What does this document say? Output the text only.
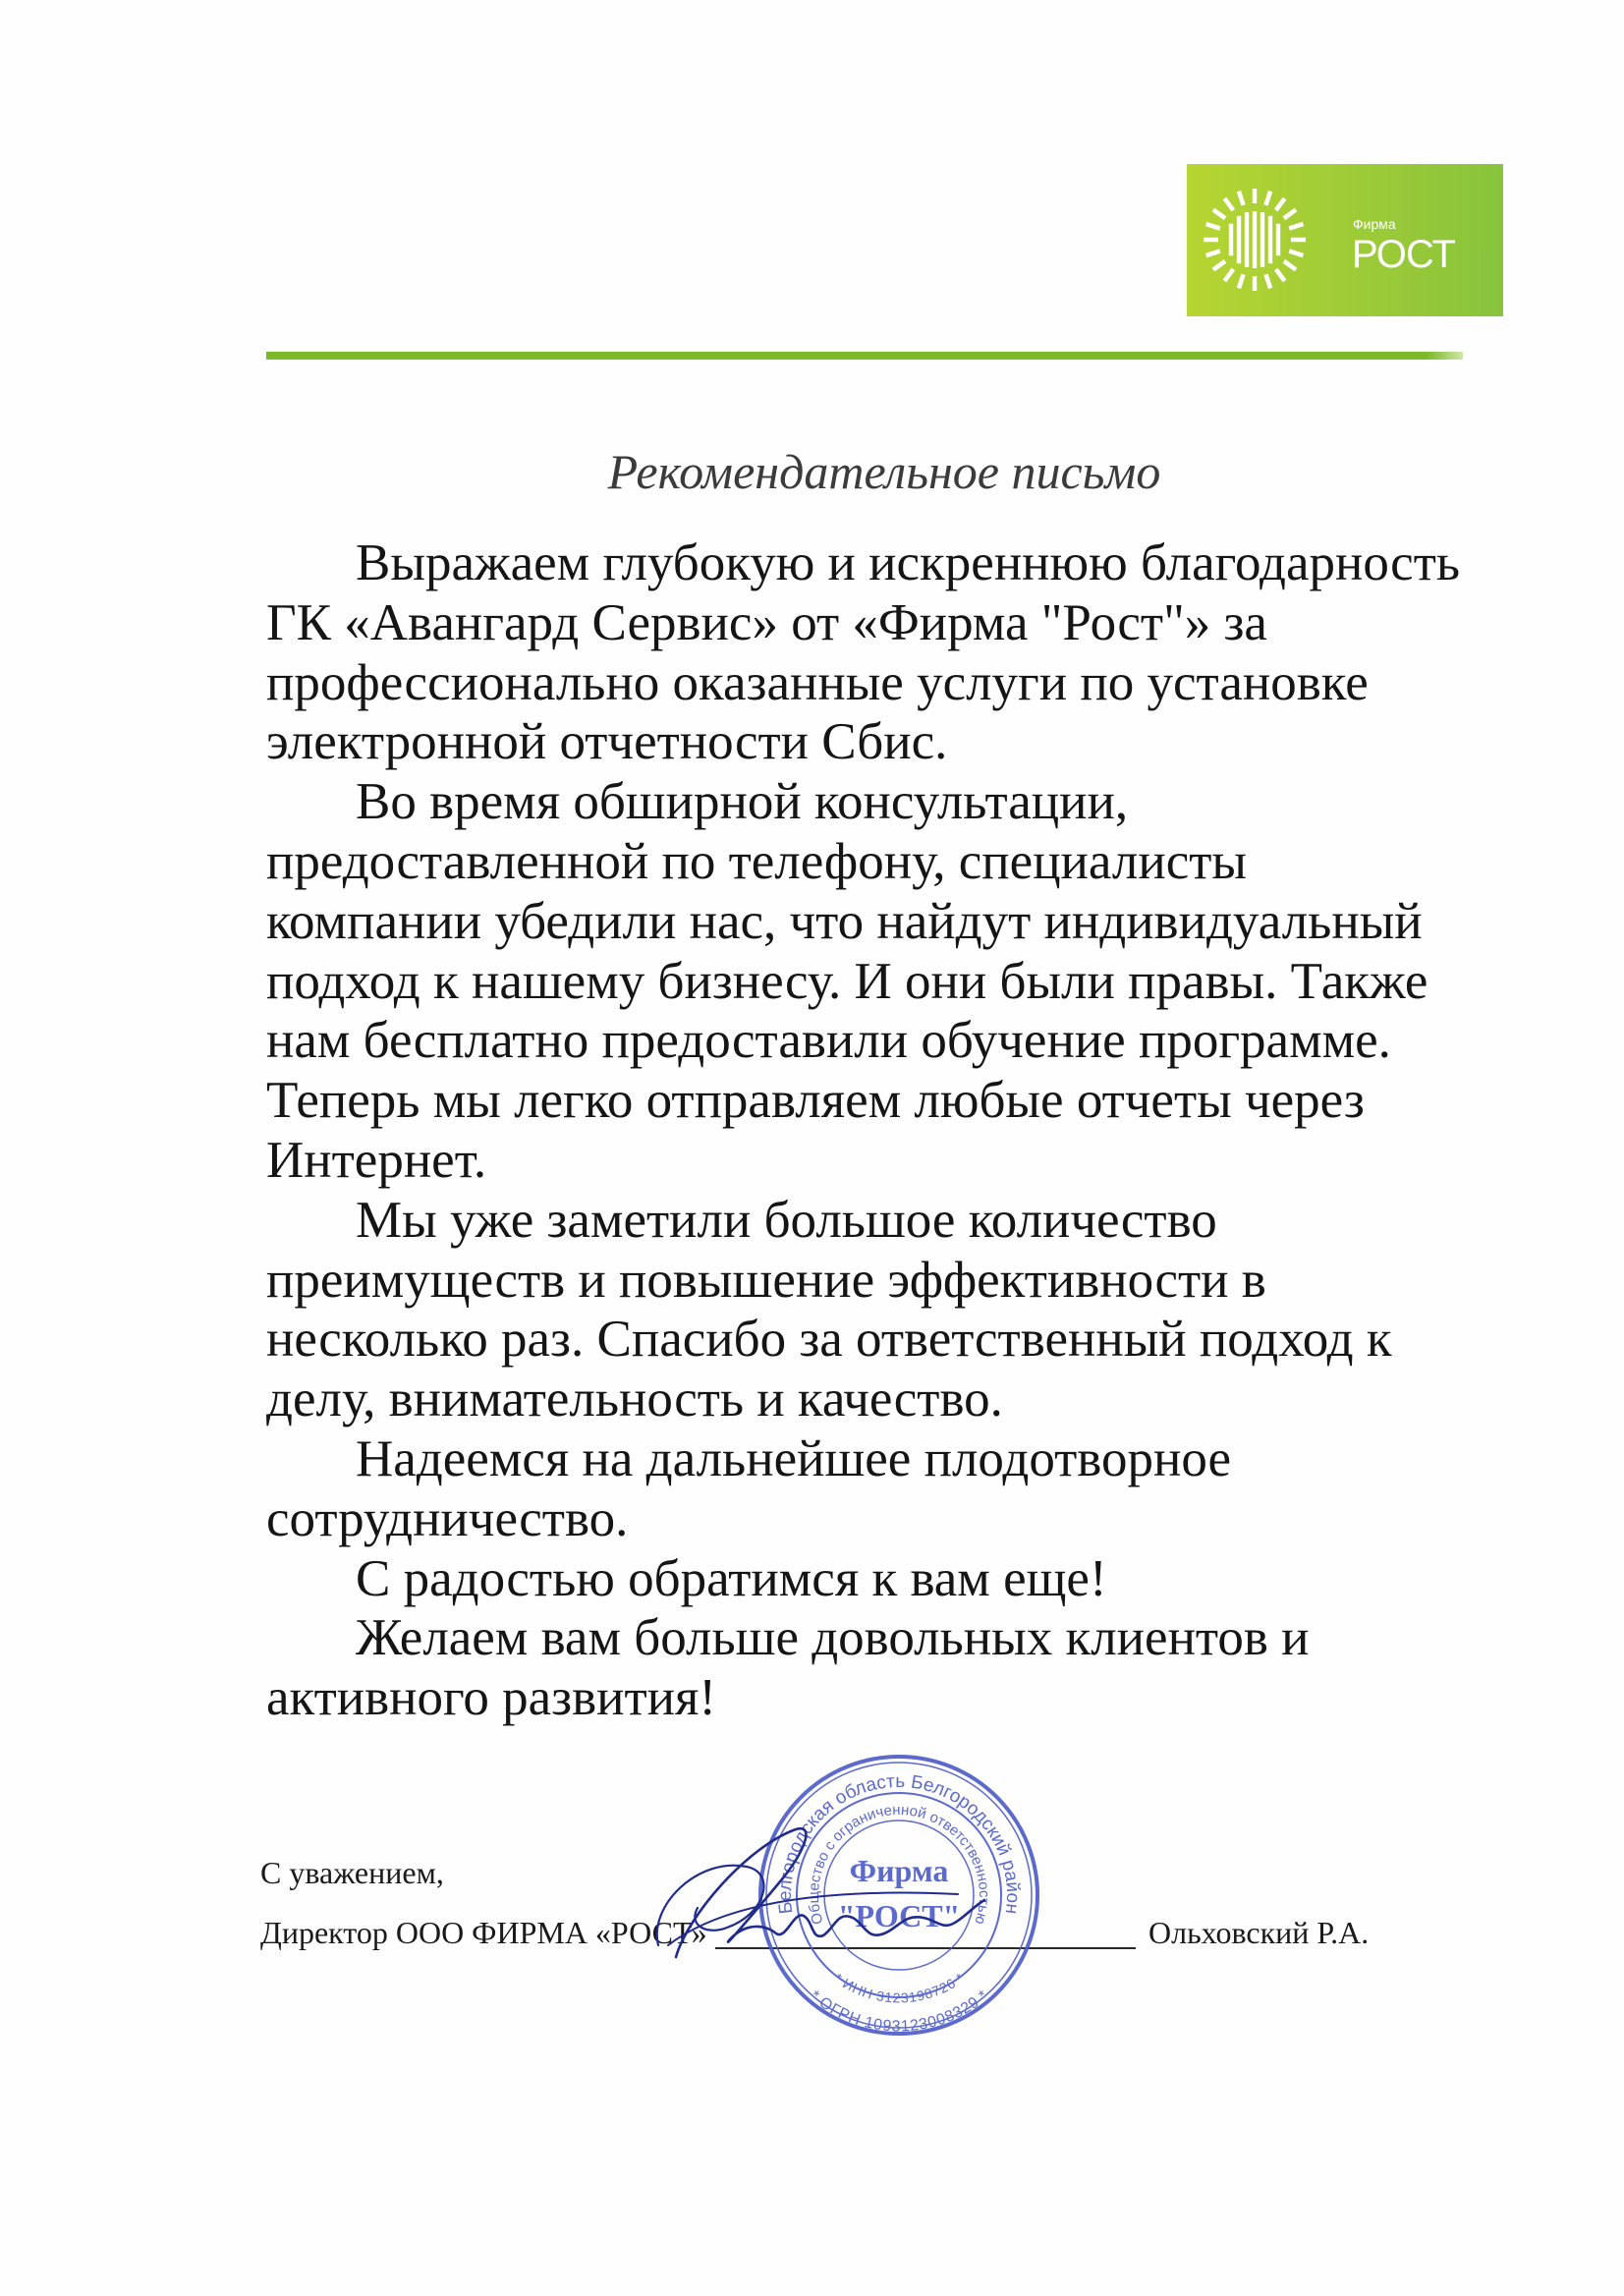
Фирма
РОСТ
Рекомендательное письмо
Выражаем глубокую и искреннюю благодарность
ГК «Авангард Сервис» от «Фирма "Рост"» за
профессионально оказанные услуги по установке
электронной отчетности Сбис.
Во время обширной консультации,
предоставленной по телефону, специалисты
компании убедили нас, что найдут индивидуальный
подход к нашему бизнесу. И они были правы. Также
нам бесплатно предоставили обучение программе.
Теперь мы легко отправляем любые отчеты через
Интернет.
Мы уже заметили большое количество
преимуществ и повышение эффективности в
несколько раз. Спасибо за ответственный подход к
делу, внимательность и качество.
Надеемся на дальнейшее плодотворное
сотрудничество.
С радостью обратимся к вам еще!
Желаем вам больше довольных клиентов и
активного развития!
С уважением,
Директор ООО ФИРМА «РОСТ»	Ольховский Р.А.
Белгородская область Белгородский район
Общество с ограниченной ответственностью
* ОГРН 1093123008329 *
* ИНН 3123198726 *
Фирма
"РОСТ"
